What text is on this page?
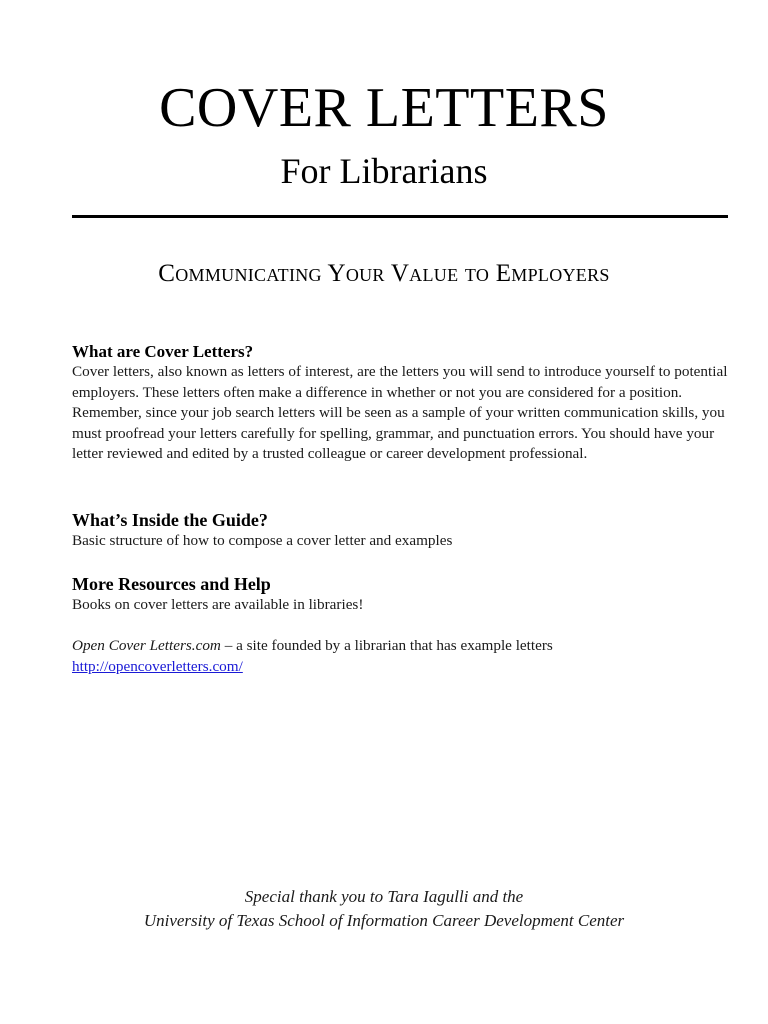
COVER LETTERS
For Librarians
Communicating Your Value to Employers

What are Cover Letters?

Cover letters, also known as letters of interest, are the letters you will send to introduce yourself to potential employers. These letters often make a difference in whether or not you are considered for a position. Remember, since your job search letters will be seen as a sample of your written communication skills, you must proofread your letters carefully for spelling, grammar, and punctuation errors. You should have your letter reviewed and edited by a trusted colleague or career development professional.

What’s Inside the Guide?

Basic structure of how to compose a cover letter and examples

More Resources and Help

Books on cover letters are available in libraries!

Open Cover Letters.com – a site founded by a librarian that has example letters
http://opencoverletters.com/
Special thank you to Tara Iagulli and the
University of Texas School of Information Career Development Center
